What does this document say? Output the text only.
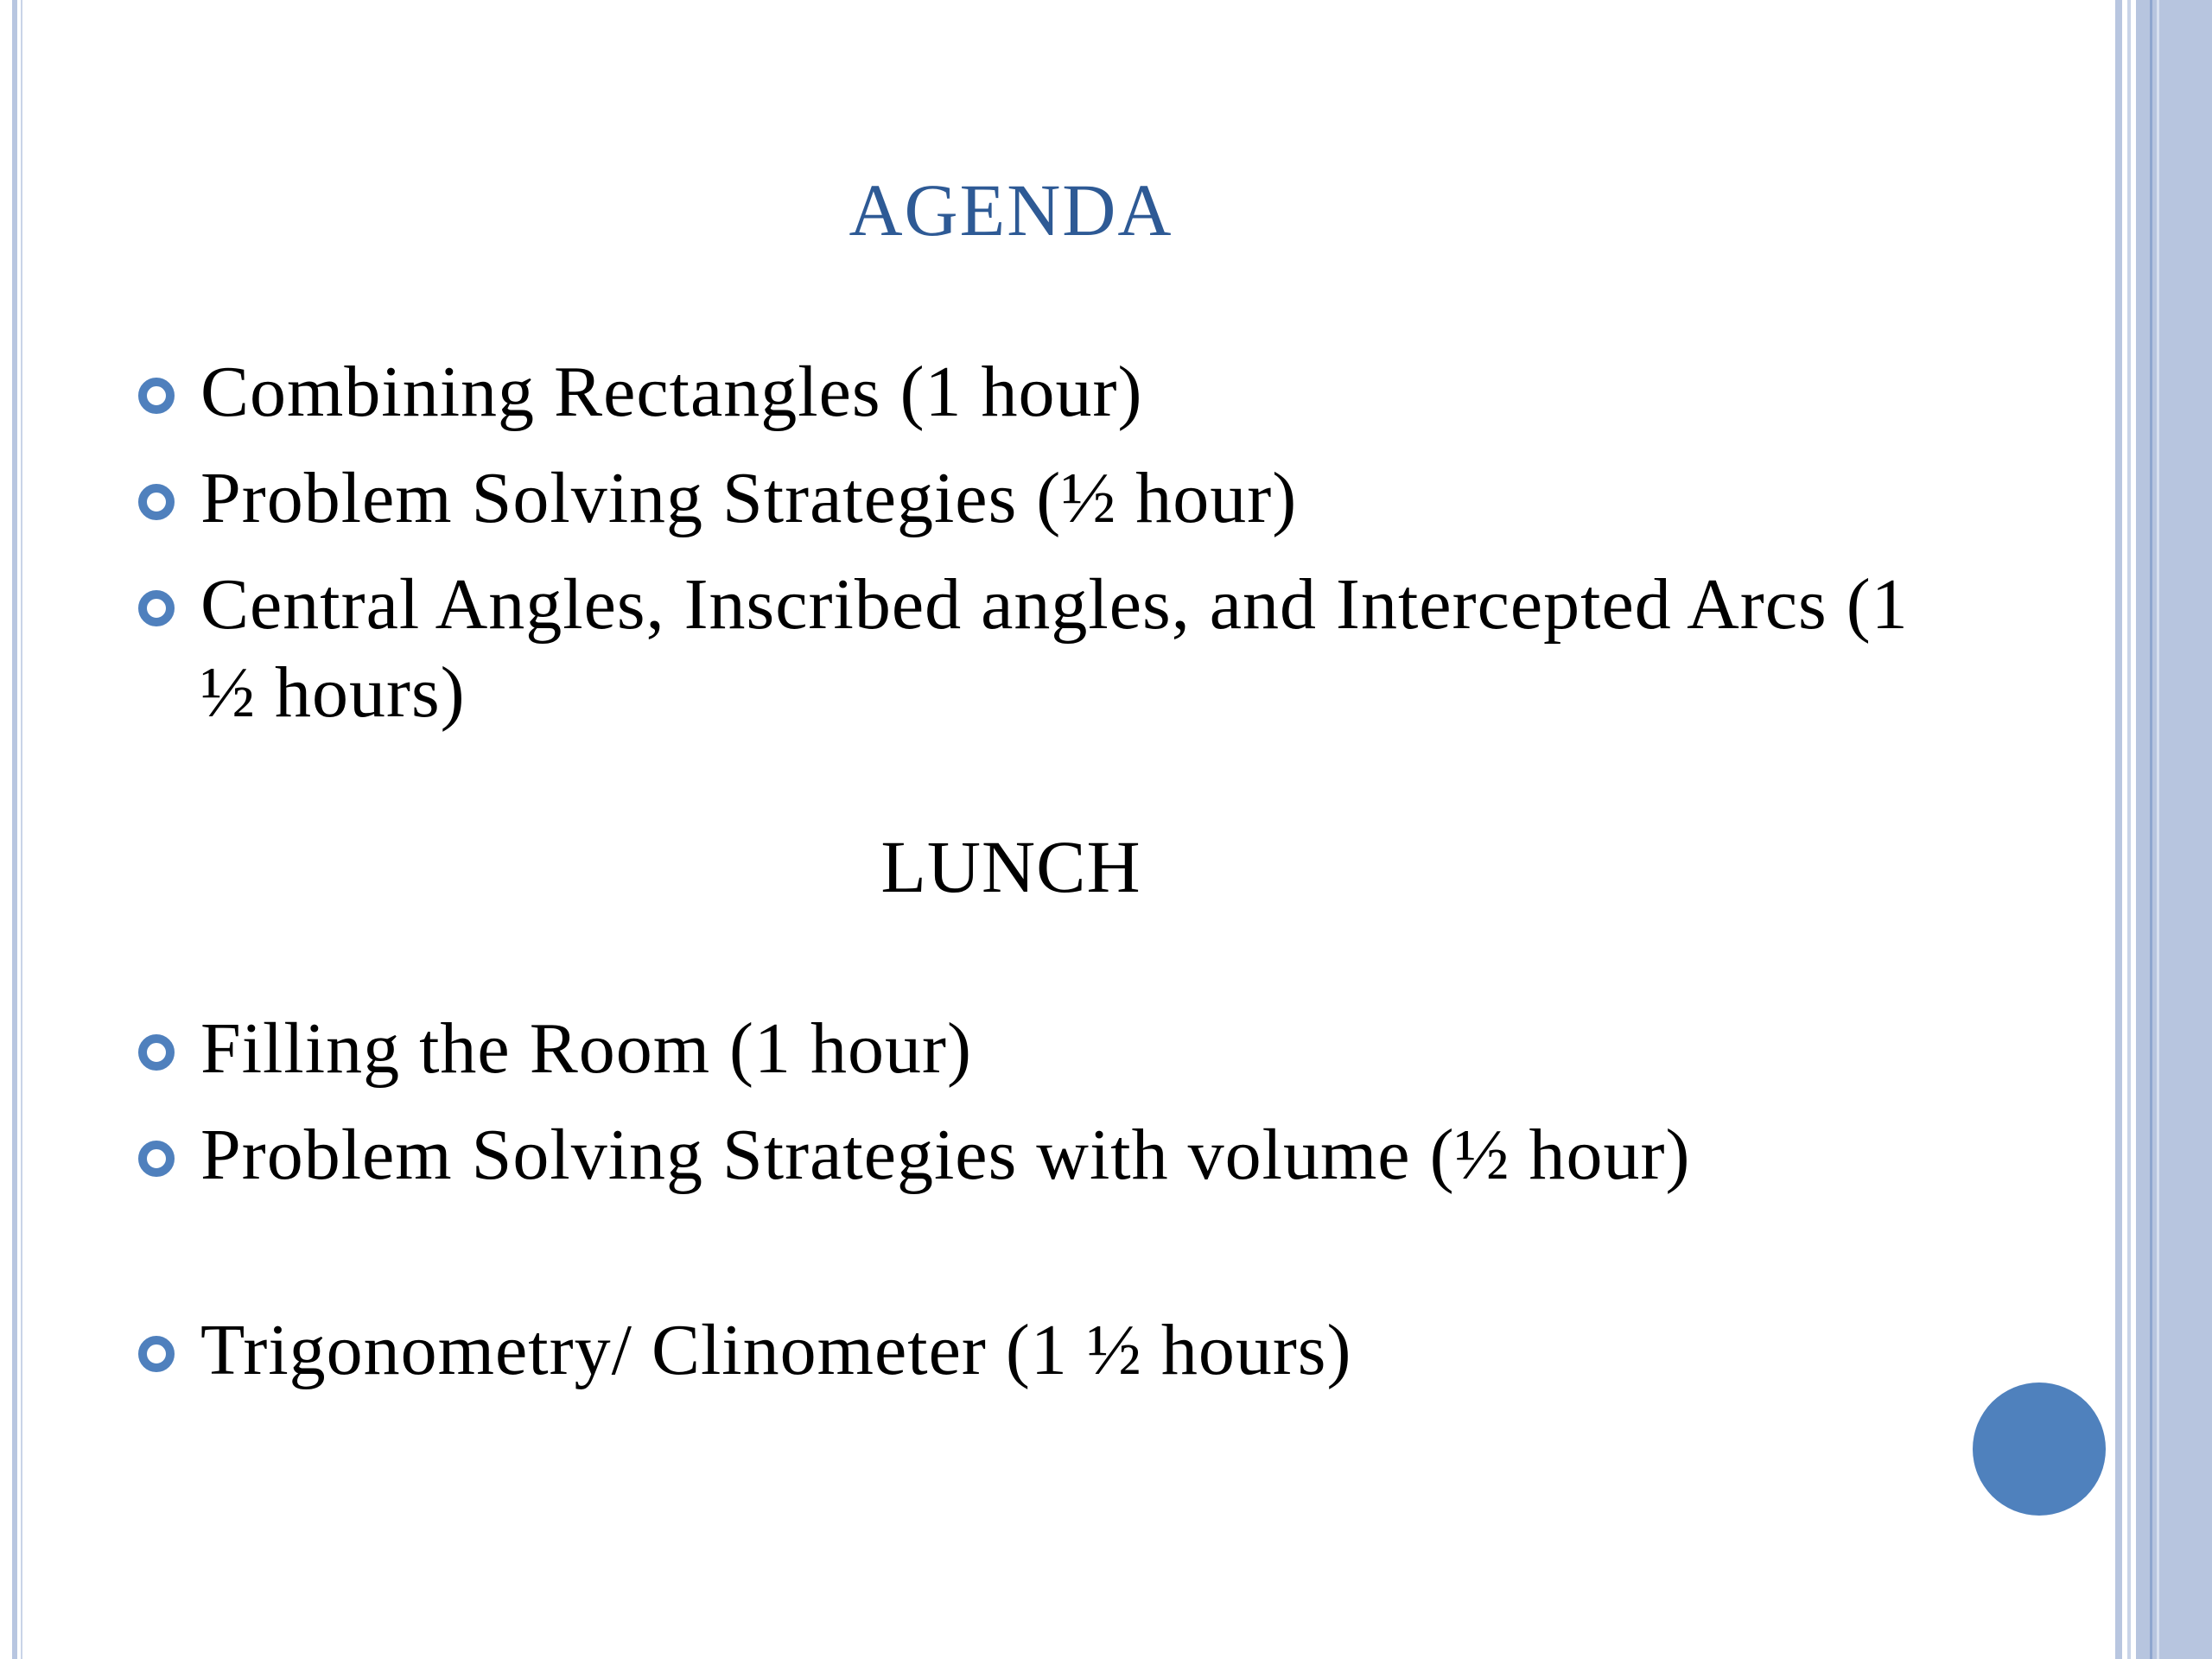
AGENDA
Combining Rectangles (1 hour)
Problem Solving Strategies (½ hour)
Central Angles, Inscribed angles, and Intercepted Arcs (1 ½ hours)
LUNCH
Filling the Room (1 hour)
Problem Solving Strategies with volume (½ hour)
Trigonometry/ Clinometer (1 ½ hours)
